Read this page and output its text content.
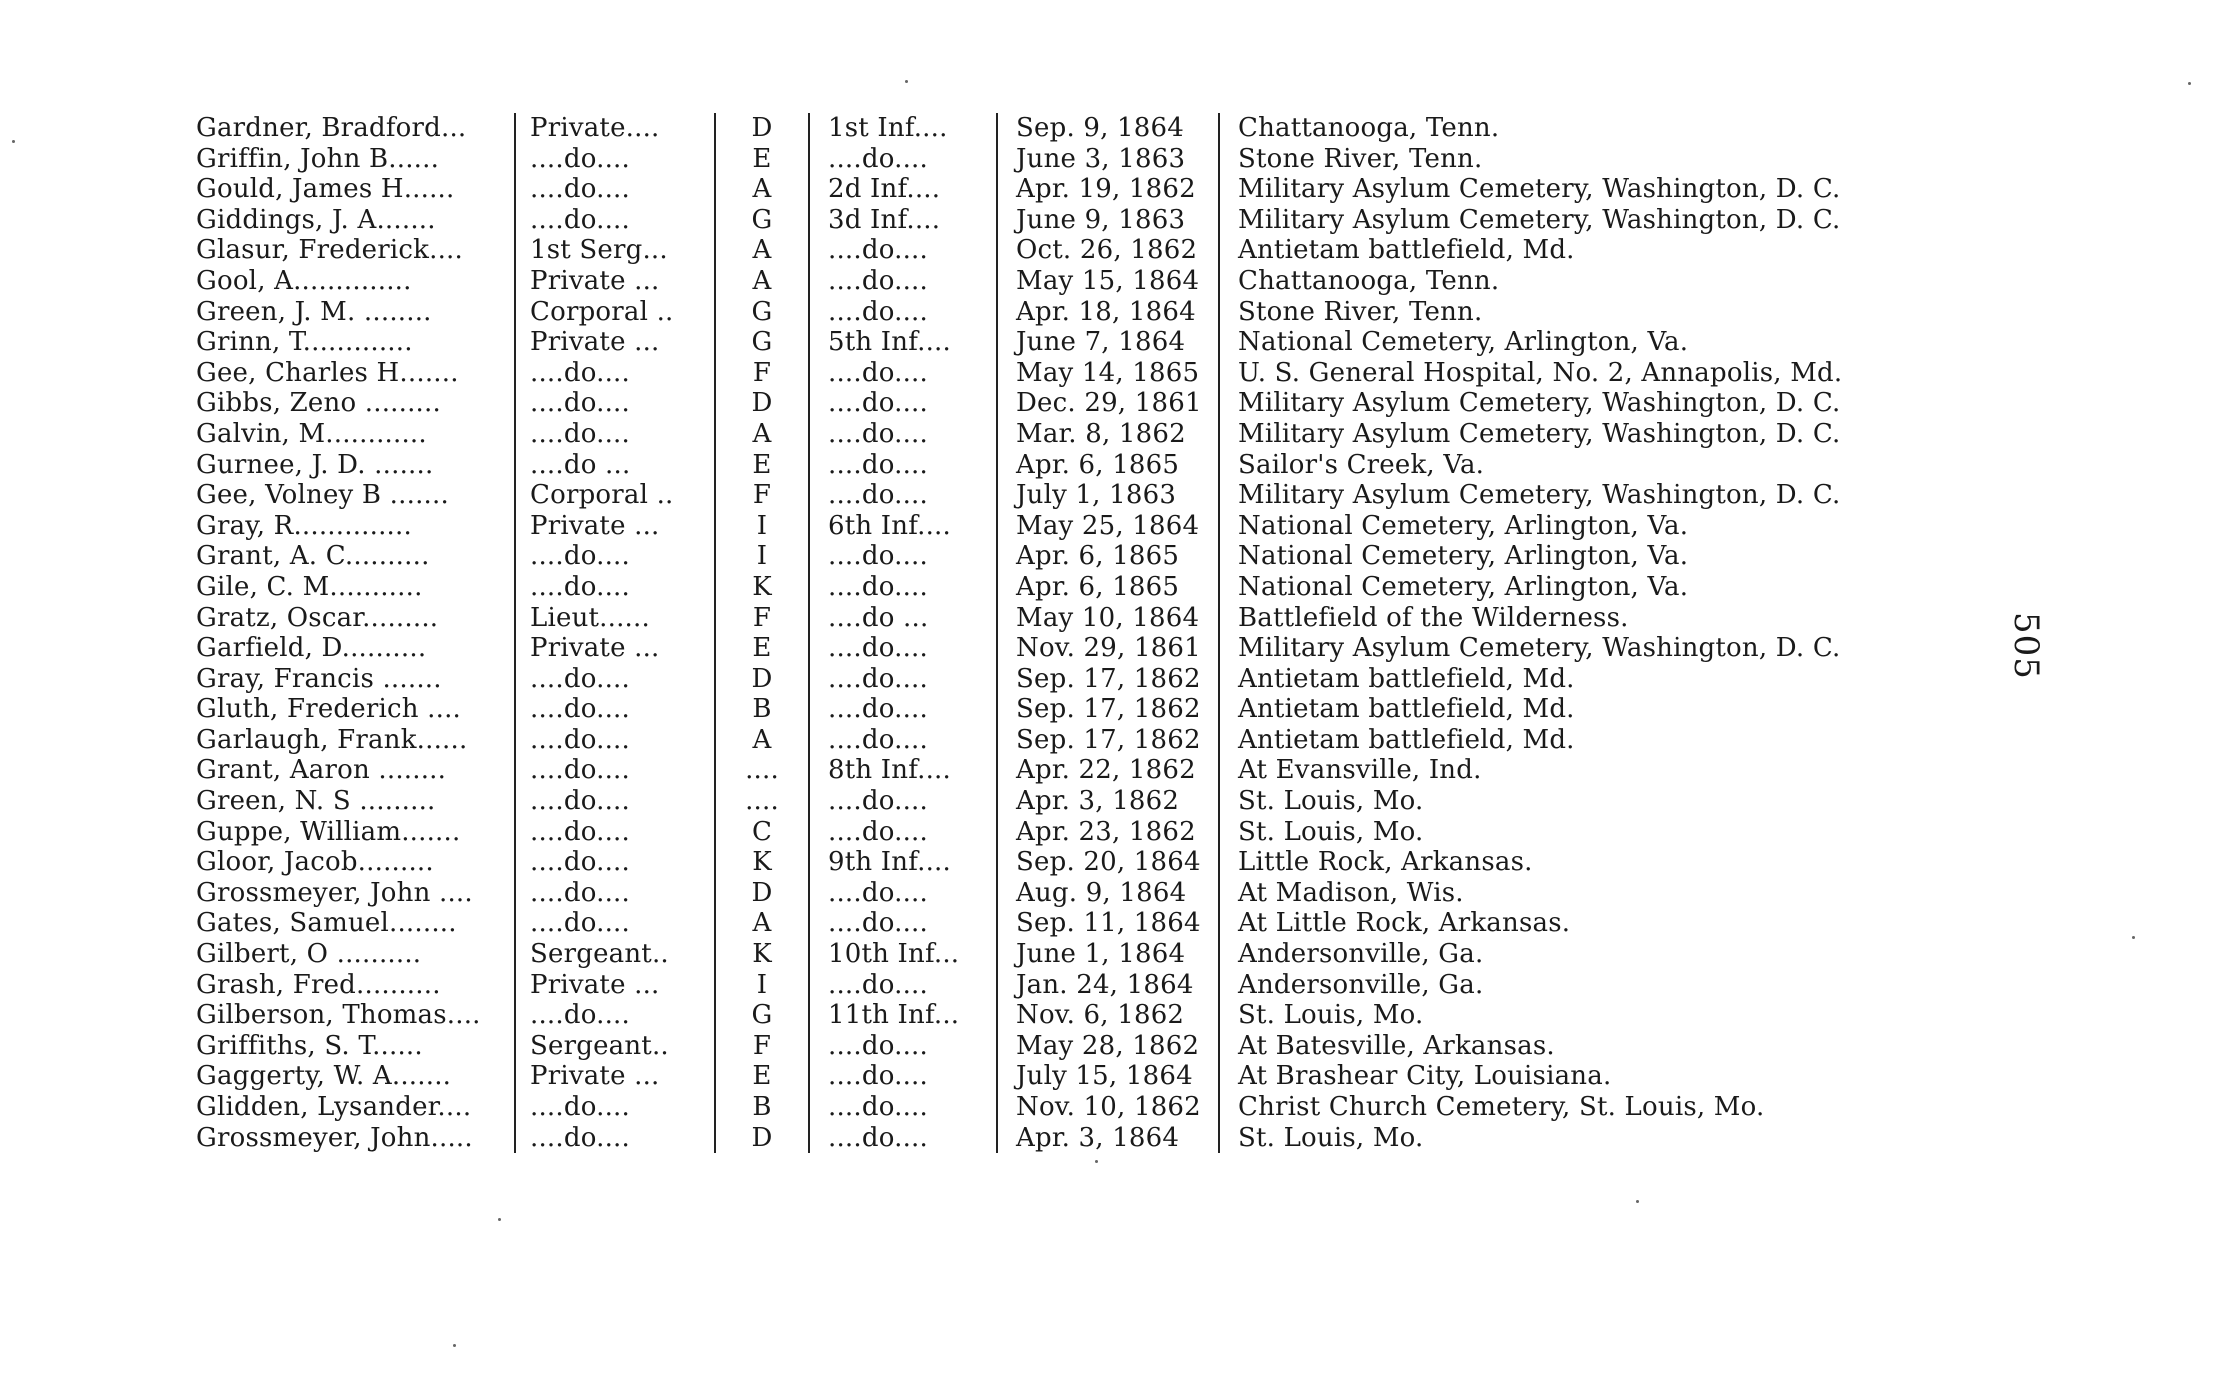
Gardner, Bradford...	Private....	D	1st Inf....	Sep. 9, 1864	Chattanooga, Tenn.
Griffin, John B......	....do....	E	....do....	June 3, 1863	Stone River, Tenn.
Gould, James H......	....do....	A	2d Inf....	Apr. 19, 1862	Military Asylum Cemetery, Washington, D. C.
Giddings, J. A.......	....do....	G	3d Inf....	June 9, 1863	Military Asylum Cemetery, Washington, D. C.
Glasur, Frederick....	1st Serg...	A	....do....	Oct. 26, 1862	Antietam battlefield, Md.
Gool, A..............	Private ...	A	....do....	May 15, 1864	Chattanooga, Tenn.
Green, J. M. ........	Corporal ..	G	....do....	Apr. 18, 1864	Stone River, Tenn.
Grinn, T.............	Private ...	G	5th Inf....	June 7, 1864	National Cemetery, Arlington, Va.
Gee, Charles H.......	....do....	F	....do....	May 14, 1865	U. S. General Hospital, No. 2, Annapolis, Md.
Gibbs, Zeno .........	....do....	D	....do....	Dec. 29, 1861	Military Asylum Cemetery, Washington, D. C.
Galvin, M............	....do....	A	....do....	Mar. 8, 1862	Military Asylum Cemetery, Washington, D. C.
Gurnee, J. D. .......	....do ...	E	....do....	Apr. 6, 1865	Sailor's Creek, Va.
Gee, Volney B .......	Corporal ..	F	....do....	July 1, 1863	Military Asylum Cemetery, Washington, D. C.
Gray, R..............	Private ...	I	6th Inf....	May 25, 1864	National Cemetery, Arlington, Va.
Grant, A. C..........	....do....	I	....do....	Apr. 6, 1865	National Cemetery, Arlington, Va.
Gile, C. M...........	....do....	K	....do....	Apr. 6, 1865	National Cemetery, Arlington, Va.
Gratz, Oscar.........	Lieut......	F	....do ...	May 10, 1864	Battlefield of the Wilderness.
Garfield, D..........	Private ...	E	....do....	Nov. 29, 1861	Military Asylum Cemetery, Washington, D. C.
Gray, Francis .......	....do....	D	....do....	Sep. 17, 1862	Antietam battlefield, Md.
Gluth, Frederich ....	....do....	B	....do....	Sep. 17, 1862	Antietam battlefield, Md.
Garlaugh, Frank......	....do....	A	....do....	Sep. 17, 1862	Antietam battlefield, Md.
Grant, Aaron ........	....do....	....	8th Inf....	Apr. 22, 1862	At Evansville, Ind.
Green, N. S .........	....do....	....	....do....	Apr. 3, 1862	St. Louis, Mo.
Guppe, William.......	....do....	C	....do....	Apr. 23, 1862	St. Louis, Mo.
Gloor, Jacob.........	....do....	K	9th Inf....	Sep. 20, 1864	Little Rock, Arkansas.
Grossmeyer, John ....	....do....	D	....do....	Aug. 9, 1864	At Madison, Wis.
Gates, Samuel........	....do....	A	....do....	Sep. 11, 1864	At Little Rock, Arkansas.
Gilbert, O ..........	Sergeant..	K	10th Inf...	June 1, 1864	Andersonville, Ga.
Grash, Fred..........	Private ...	I	....do....	Jan. 24, 1864	Andersonville, Ga.
Gilberson, Thomas....	....do....	G	11th Inf...	Nov. 6, 1862	St. Louis, Mo.
Griffiths, S. T......	Sergeant..	F	....do....	May 28, 1862	At Batesville, Arkansas.
Gaggerty, W. A.......	Private ...	E	....do....	July 15, 1864	At Brashear City, Louisiana.
Glidden, Lysander....	....do....	B	....do....	Nov. 10, 1862	Christ Church Cemetery, St. Louis, Mo.
Grossmeyer, John.....	....do....	D	....do....	Apr. 3, 1864	St. Louis, Mo.
505
